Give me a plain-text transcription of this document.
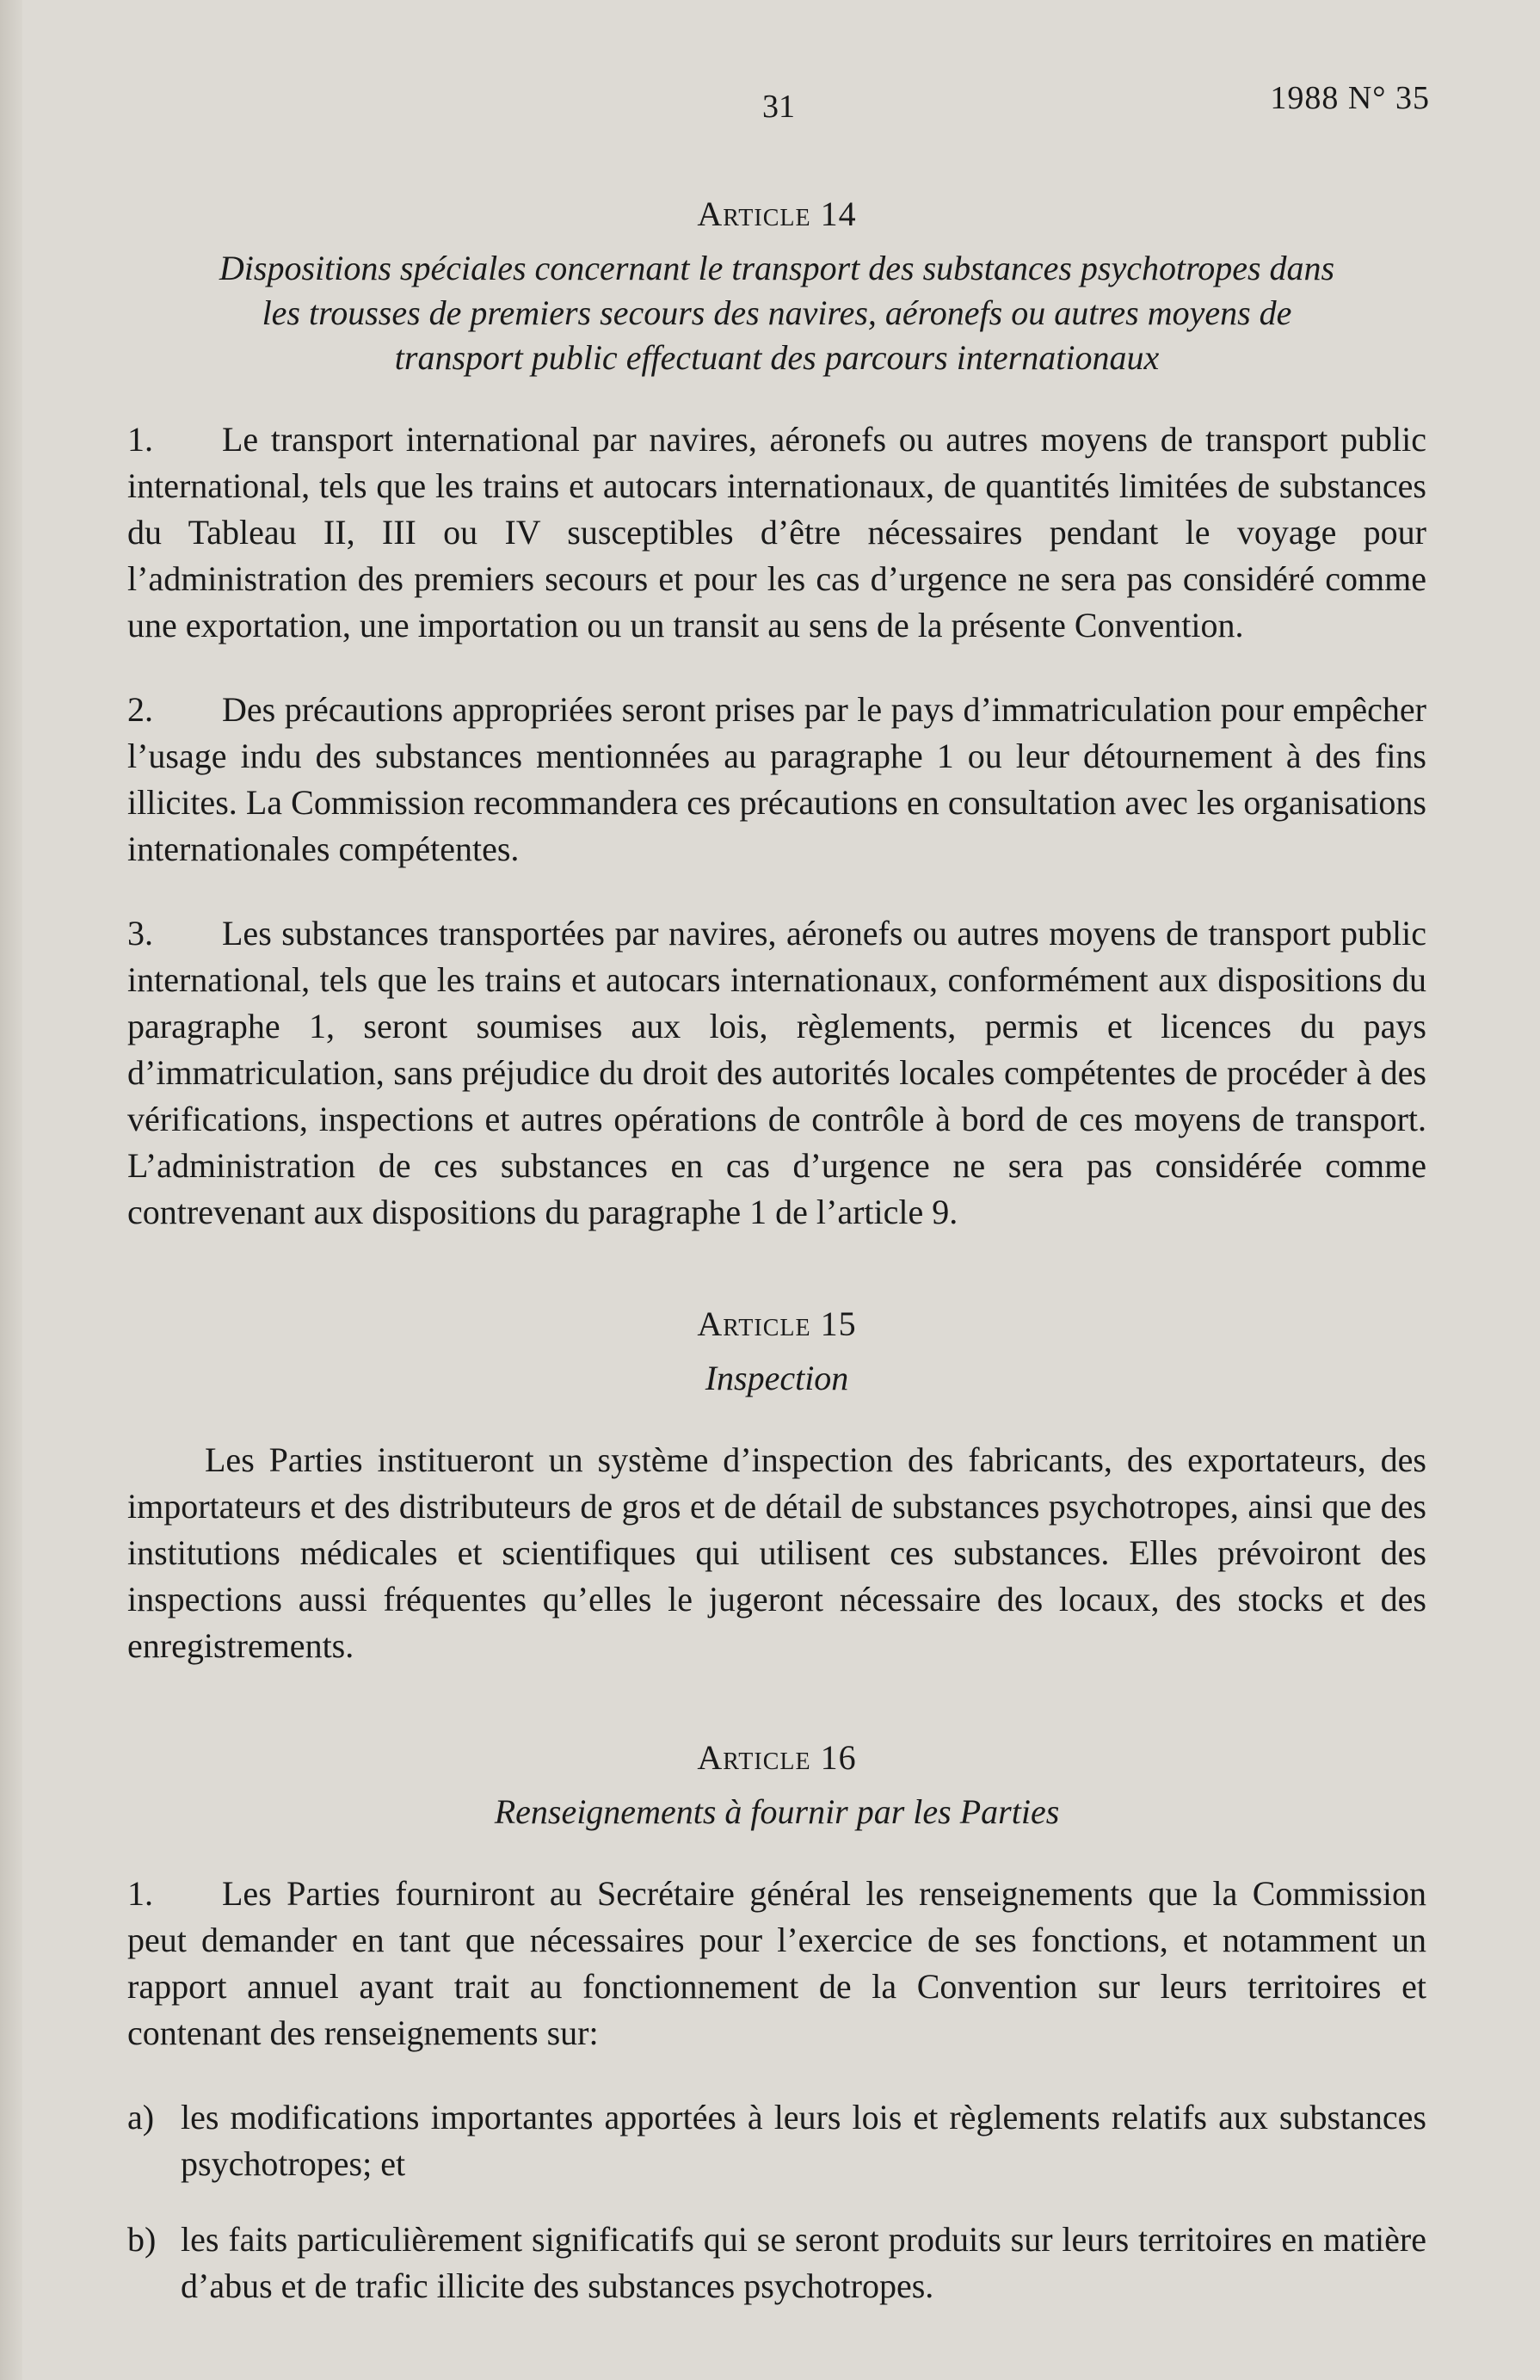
31	1988 N° 35
Article 14
Dispositions spéciales concernant le transport des substances psychotropes dans les trousses de premiers secours des navires, aéronefs ou autres moyens de transport public effectuant des parcours internationaux

1. Le transport international par navires, aéronefs ou autres moyens de transport public international, tels que les trains et autocars internationaux, de quantités limitées de substances du Tableau II, III ou IV susceptibles d’être nécessaires pendant le voyage pour l’administration des premiers secours et pour les cas d’urgence ne sera pas considéré comme une exportation, une importation ou un transit au sens de la présente Convention.

2. Des précautions appropriées seront prises par le pays d’immatriculation pour empêcher l’usage indu des substances mentionnées au paragraphe 1 ou leur détournement à des fins illicites. La Commission recommandera ces précautions en consultation avec les organisations internationales compétentes.

3. Les substances transportées par navires, aéronefs ou autres moyens de transport public international, tels que les trains et autocars internationaux, conformément aux dispositions du paragraphe 1, seront soumises aux lois, règlements, permis et licences du pays d’immatriculation, sans préjudice du droit des autorités locales compétentes de procéder à des vérifications, inspections et autres opérations de contrôle à bord de ces moyens de transport. L’administration de ces substances en cas d’urgence ne sera pas considérée comme contrevenant aux dispositions du paragraphe 1 de l’article 9.

Article 15
Inspection

Les Parties institueront un système d’inspection des fabricants, des exportateurs, des importateurs et des distributeurs de gros et de détail de substances psychotropes, ainsi que des institutions médicales et scientifiques qui utilisent ces substances. Elles prévoiront des inspections aussi fréquentes qu’elles le jugeront nécessaire des locaux, des stocks et des enregistrements.

Article 16
Renseignements à fournir par les Parties

1. Les Parties fourniront au Secrétaire général les renseignements que la Commission peut demander en tant que nécessaires pour l’exercice de ses fonctions, et notamment un rapport annuel ayant trait au fonctionnement de la Convention sur leurs territoires et contenant des renseignements sur:

a) les modifications importantes apportées à leurs lois et règlements relatifs aux substances psychotropes; et
b) les faits particulièrement significatifs qui se seront produits sur leurs territoires en matière d’abus et de trafic illicite des substances psychotropes.
